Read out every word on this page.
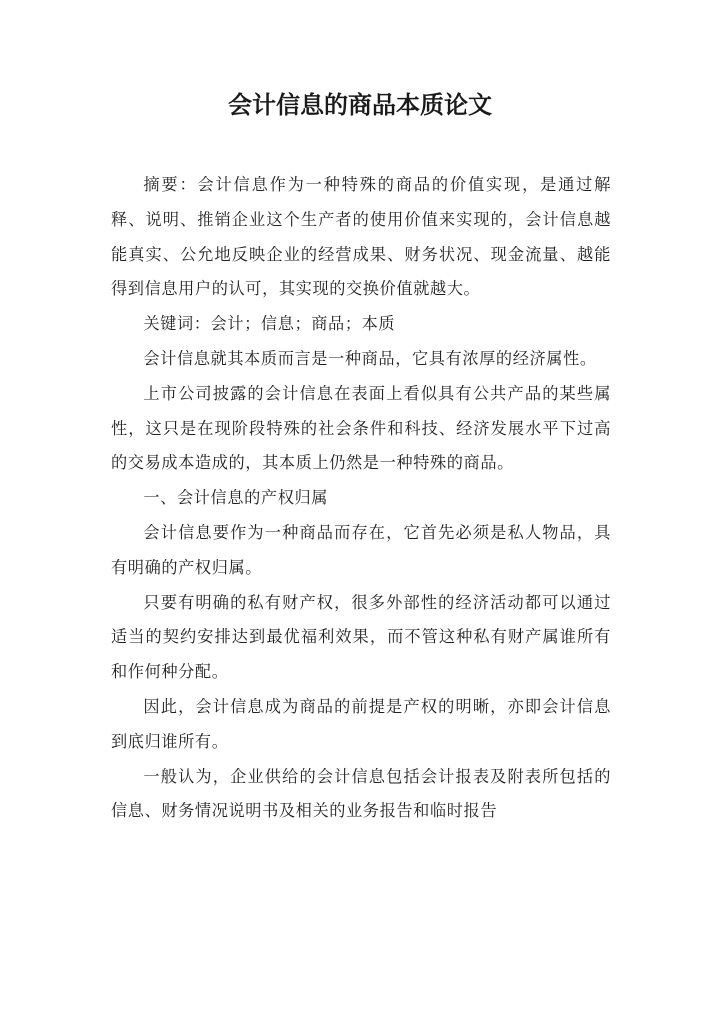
会计信息的商品本质论文

摘要：会计信息作为一种特殊的商品的价值实现，是通过解释、说明、推销企业这个生产者的使用价值来实现的，会计信息越能真实、公允地反映企业的经营成果、财务状况、现金流量、越能得到信息用户的认可，其实现的交换价值就越大。

关键词：会计；信息；商品；本质

会计信息就其本质而言是一种商品，它具有浓厚的经济属性。

上市公司披露的会计信息在表面上看似具有公共产品的某些属性，这只是在现阶段特殊的社会条件和科技、经济发展水平下过高的交易成本造成的，其本质上仍然是一种特殊的商品。

一、会计信息的产权归属

会计信息要作为一种商品而存在，它首先必须是私人物品，具有明确的产权归属。

只要有明确的私有财产权，很多外部性的经济活动都可以通过适当的契约安排达到最优福利效果，而不管这种私有财产属谁所有和作何种分配。

因此，会计信息成为商品的前提是产权的明晰，亦即会计信息到底归谁所有。

一般认为，企业供给的会计信息包括会计报表及附表所包括的信息、财务情况说明书及相关的业务报告和临时报告
